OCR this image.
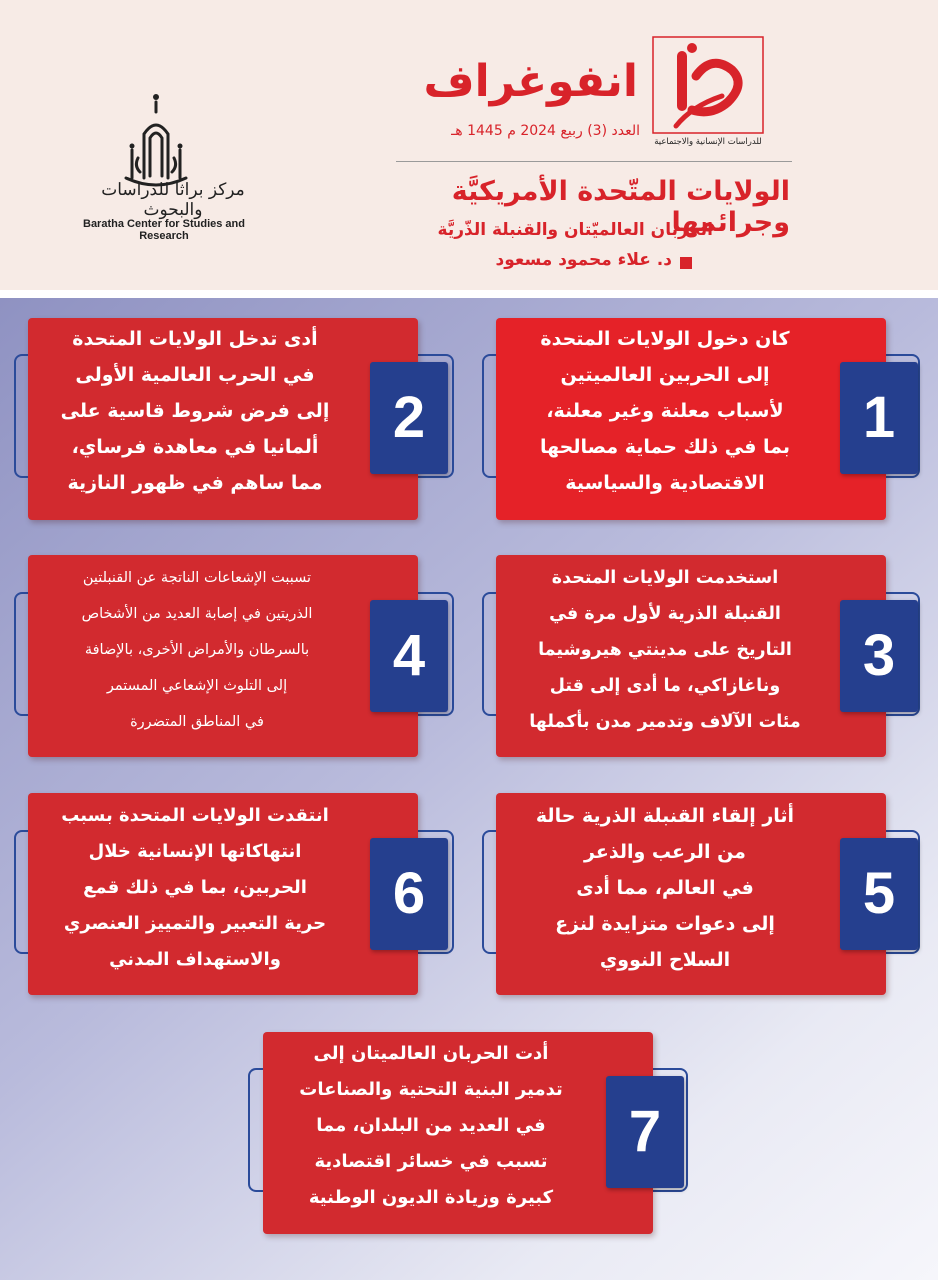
مركز براثا للدراسات والبحوث
Baratha Center for Studies and Research
للدراسات الإنسانية والاجتماعية
انفوغراف
العدد (3) ربيع 2024 م 1445 هـ
الولايات المتّحدة الأمريكيَّة وجرائمها
الحربان العالميّتان والقنبلة الذّريَّة
د. علاء محمود مسعود
كان دخول الولايات المتحدة
إلى الحربين العالميتين
لأسباب معلنة وغير معلنة،
بما في ذلك حماية مصالحها
الاقتصادية والسياسية
1
أدى تدخل الولايات المتحدة
في الحرب العالمية الأولى
إلى فرض شروط قاسية على
ألمانيا في معاهدة فرساي،
مما ساهم في ظهور النازية
2
استخدمت الولايات المتحدة
القنبلة الذرية لأول مرة في
التاريخ على مدينتي هيروشيما
وناغازاكي، ما أدى إلى قتل
مئات الآلاف وتدمير مدن بأكملها
3
تسببت الإشعاعات الناتجة عن القنبلتين
الذريتين في إصابة العديد من الأشخاص
بالسرطان والأمراض الأخرى، بالإضافة
إلى التلوث الإشعاعي المستمر
في المناطق المتضررة
4
أثار إلقاء القنبلة الذرية حالة
من الرعب والذعر
في العالم، مما أدى
إلى دعوات متزايدة لنزع
السلاح النووي
5
انتقدت الولايات المتحدة بسبب
انتهاكاتها الإنسانية خلال
الحربين، بما في ذلك قمع
حرية التعبير والتمييز العنصري
والاستهداف المدني
6
أدت الحربان العالميتان إلى
تدمير البنية التحتية والصناعات
في العديد من البلدان، مما
تسبب في خسائر اقتصادية
كبيرة وزيادة الديون الوطنية
7
